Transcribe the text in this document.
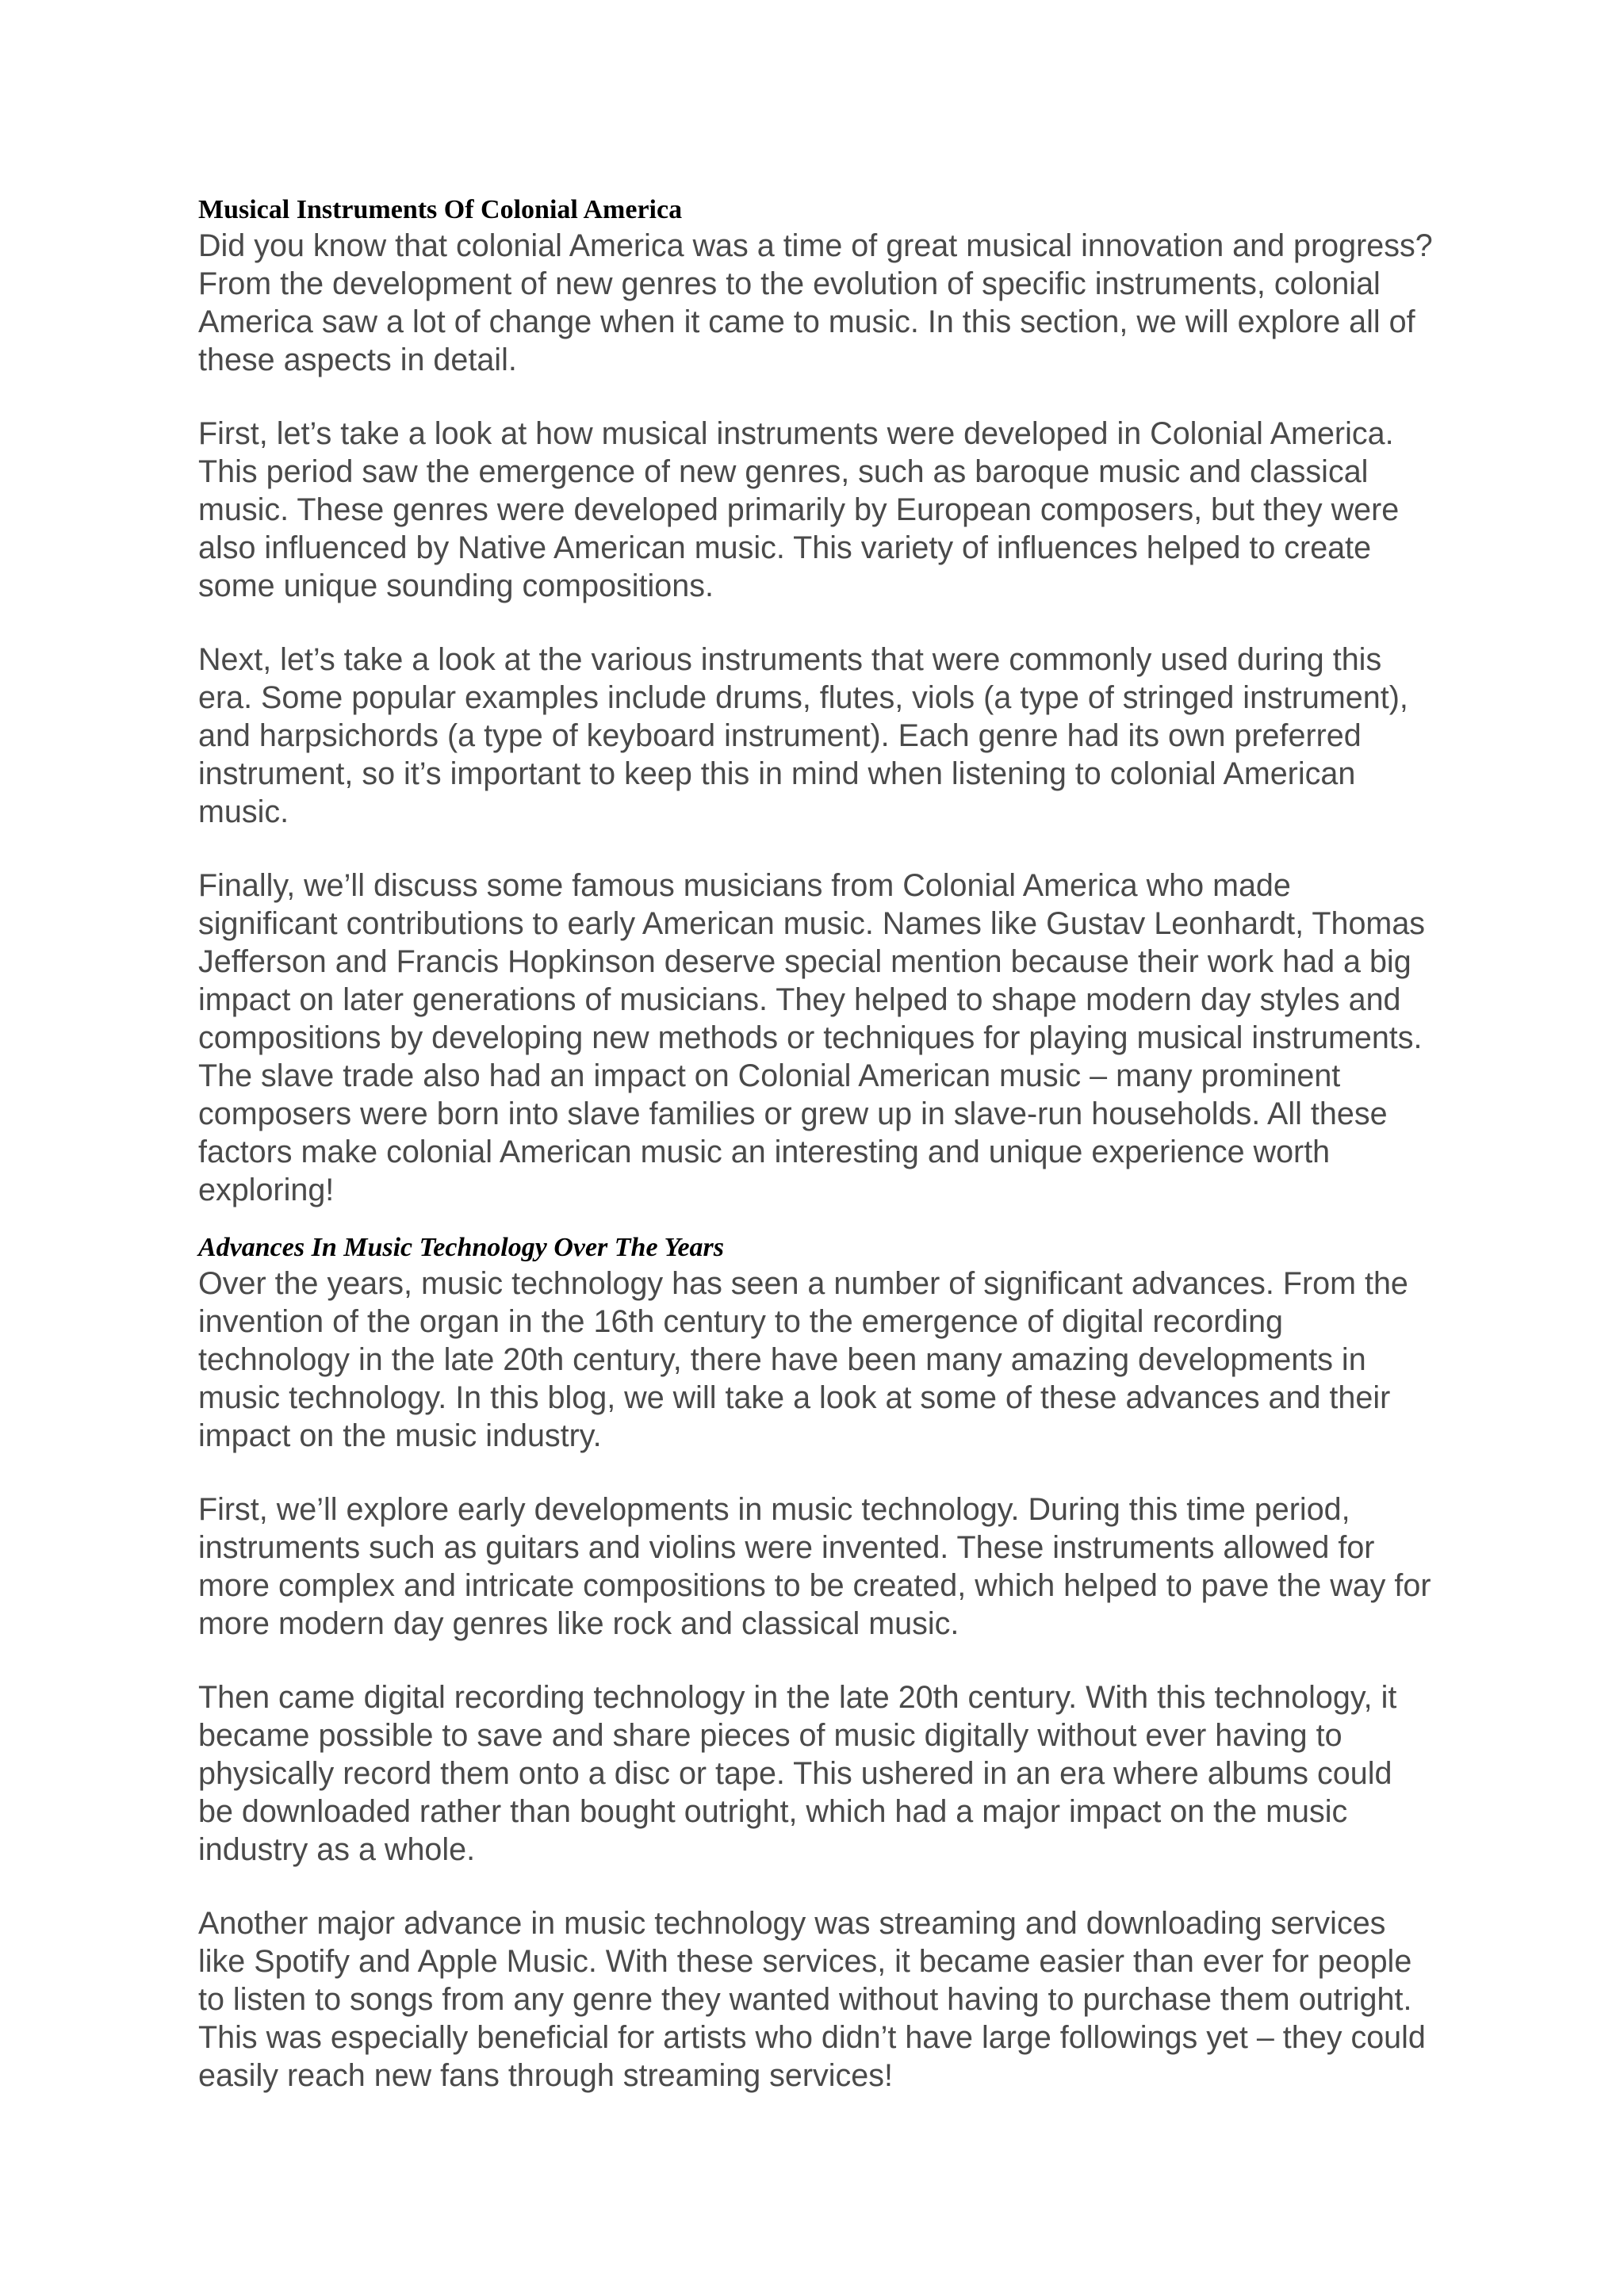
Musical Instruments Of Colonial America

Did you know that colonial America was a time of great musical innovation and progress? From the development of new genres to the evolution of specific instruments, colonial America saw a lot of change when it came to music. In this section, we will explore all of these aspects in detail.

First, let’s take a look at how musical instruments were developed in Colonial America. This period saw the emergence of new genres, such as baroque music and classical music. These genres were developed primarily by European composers, but they were also influenced by Native American music. This variety of influences helped to create some unique sounding compositions.

Next, let’s take a look at the various instruments that were commonly used during this era. Some popular examples include drums, flutes, viols (a type of stringed instrument), and harpsichords (a type of keyboard instrument). Each genre had its own preferred instrument, so it’s important to keep this in mind when listening to colonial American music.

Finally, we’ll discuss some famous musicians from Colonial America who made significant contributions to early American music. Names like Gustav Leonhardt, Thomas Jefferson and Francis Hopkinson deserve special mention because their work had a big impact on later generations of musicians. They helped to shape modern day styles and compositions by developing new methods or techniques for playing musical instruments. The slave trade also had an impact on Colonial American music – many prominent composers were born into slave families or grew up in slave-run households. All these factors make colonial American music an interesting and unique experience worth exploring!

Advances In Music Technology Over The Years

Over the years, music technology has seen a number of significant advances. From the invention of the organ in the 16th century to the emergence of digital recording technology in the late 20th century, there have been many amazing developments in music technology. In this blog, we will take a look at some of these advances and their impact on the music industry.

First, we’ll explore early developments in music technology. During this time period, instruments such as guitars and violins were invented. These instruments allowed for more complex and intricate compositions to be created, which helped to pave the way for more modern day genres like rock and classical music.

Then came digital recording technology in the late 20th century. With this technology, it became possible to save and share pieces of music digitally without ever having to physically record them onto a disc or tape. This ushered in an era where albums could be downloaded rather than bought outright, which had a major impact on the music industry as a whole.

Another major advance in music technology was streaming and downloading services like Spotify and Apple Music. With these services, it became easier than ever for people to listen to songs from any genre they wanted without having to purchase them outright. This was especially beneficial for artists who didn’t have large followings yet – they could easily reach new fans through streaming services!
